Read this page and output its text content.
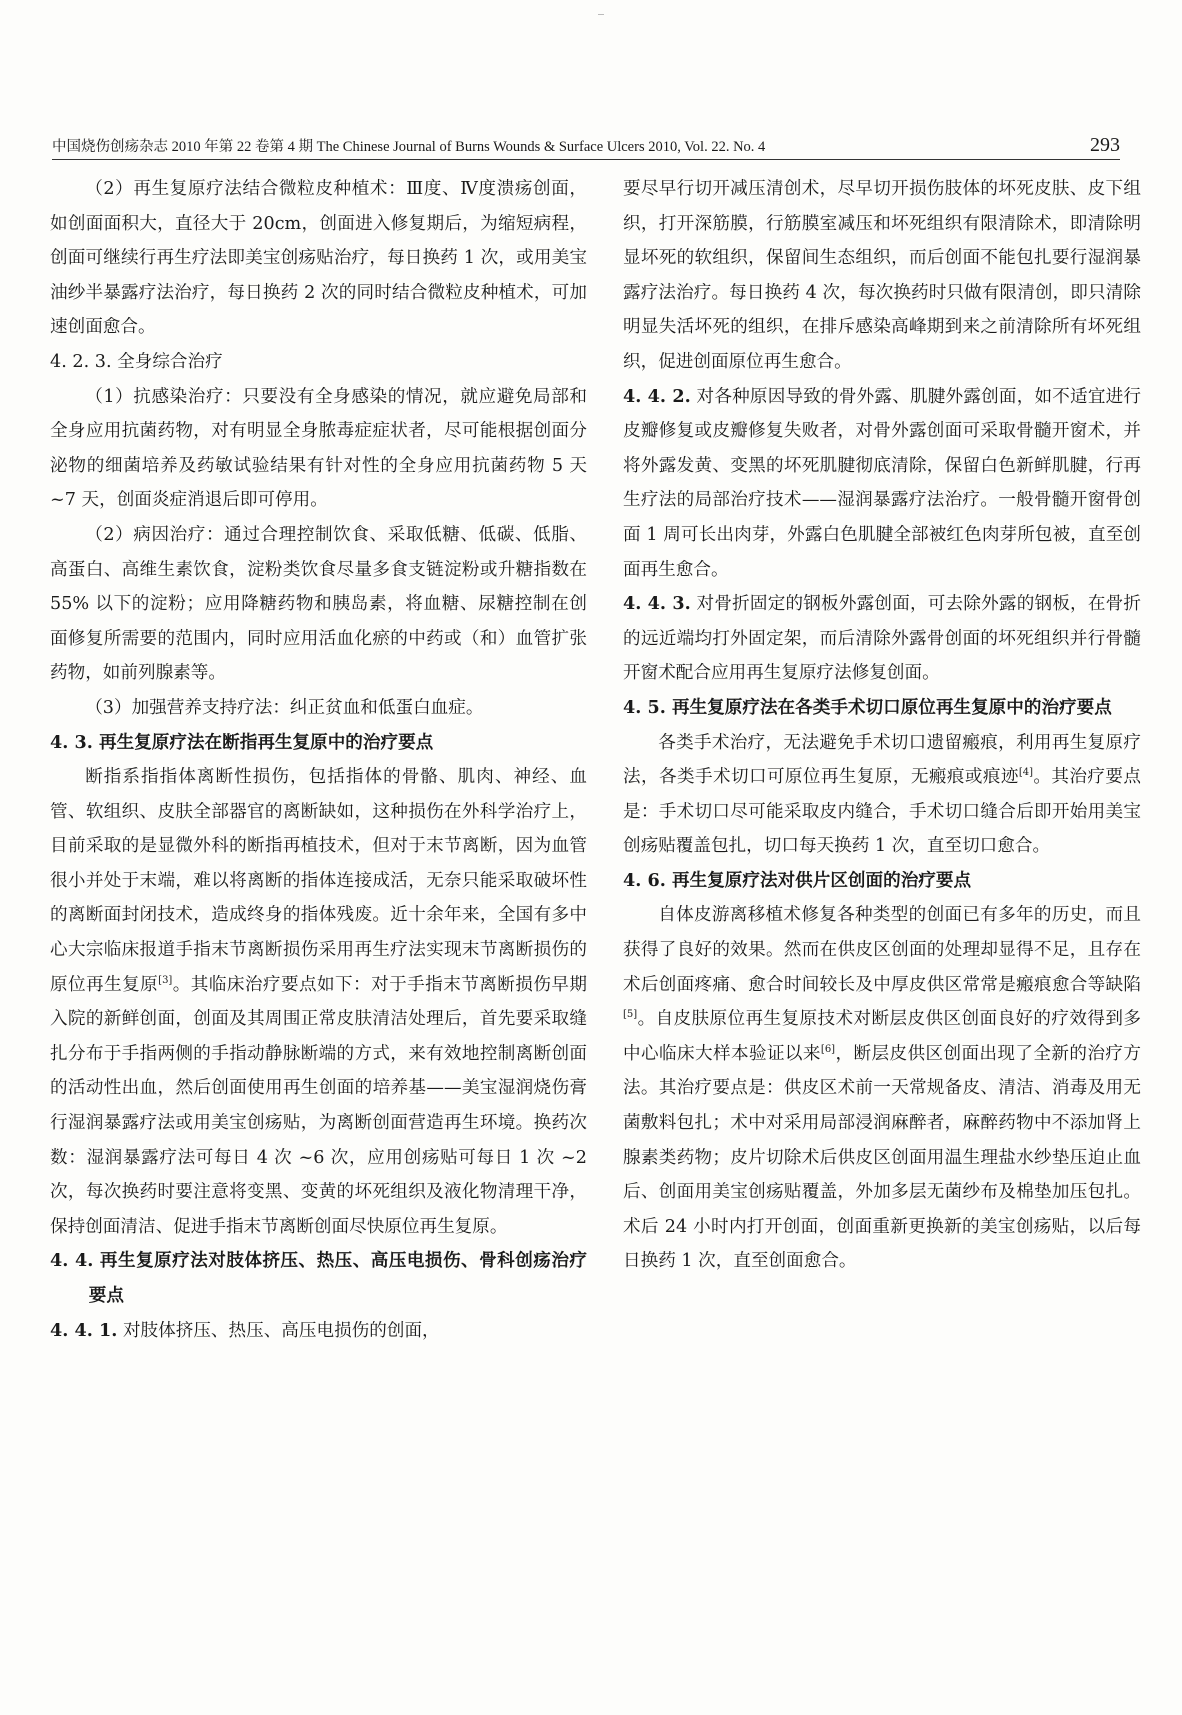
中国烧伤创疡杂志 2010 年第 22 卷第 4 期 The Chinese Journal of Burns Wounds & Surface Ulcers 2010, Vol. 22. No. 4	293

（2）再生复原疗法结合微粒皮种植术：Ⅲ度、Ⅳ度溃疡创面，如创面面积大，直径大于 20cm，创面进入修复期后，为缩短病程，创面可继续行再生疗法即美宝创疡贴治疗，每日换药 1 次，或用美宝油纱半暴露疗法治疗，每日换药 2 次的同时结合微粒皮种植术，可加速创面愈合。

4. 2. 3. 全身综合治疗

（1）抗感染治疗：只要没有全身感染的情况，就应避免局部和全身应用抗菌药物，对有明显全身脓毒症症状者，尽可能根据创面分泌物的细菌培养及药敏试验结果有针对性的全身应用抗菌药物 5 天 ~7 天，创面炎症消退后即可停用。

（2）病因治疗：通过合理控制饮食、采取低糖、低碳、低脂、高蛋白、高维生素饮食，淀粉类饮食尽量多食支链淀粉或升糖指数在 55% 以下的淀粉；应用降糖药物和胰岛素，将血糖、尿糖控制在创面修复所需要的范围内，同时应用活血化瘀的中药或（和）血管扩张药物，如前列腺素等。

（3）加强营养支持疗法：纠正贫血和低蛋白血症。

4. 3. 再生复原疗法在断指再生复原中的治疗要点

断指系指指体离断性损伤，包括指体的骨骼、肌肉、神经、血管、软组织、皮肤全部器官的离断缺如，这种损伤在外科学治疗上，目前采取的是显微外科的断指再植技术，但对于末节离断，因为血管很小并处于末端，难以将离断的指体连接成活，无奈只能采取破坏性的离断面封闭技术，造成终身的指体残废。近十余年来，全国有多中心大宗临床报道手指末节离断损伤采用再生疗法实现末节离断损伤的原位再生复原[3]。其临床治疗要点如下：对于手指末节离断损伤早期入院的新鲜创面，创面及其周围正常皮肤清洁处理后，首先要采取缝扎分布于手指两侧的手指动静脉断端的方式，来有效地控制离断创面的活动性出血，然后创面使用再生创面的培养基——美宝湿润烧伤膏行湿润暴露疗法或用美宝创疡贴，为离断创面营造再生环境。换药次数：湿润暴露疗法可每日 4 次 ~6 次，应用创疡贴可每日 1 次 ~2 次，每次换药时要注意将变黑、变黄的坏死组织及液化物清理干净，保持创面清洁、促进手指末节离断创面尽快原位再生复原。

4. 4. 再生复原疗法对肢体挤压、热压、高压电损伤、骨科创疡治疗要点

4. 4. 1. 对肢体挤压、热压、高压电损伤的创面，

要尽早行切开减压清创术，尽早切开损伤肢体的坏死皮肤、皮下组织，打开深筋膜，行筋膜室减压和坏死组织有限清除术，即清除明显坏死的软组织，保留间生态组织，而后创面不能包扎要行湿润暴露疗法治疗。每日换药 4 次，每次换药时只做有限清创，即只清除明显失活坏死的组织，在排斥感染高峰期到来之前清除所有坏死组织，促进创面原位再生愈合。

4. 4. 2. 对各种原因导致的骨外露、肌腱外露创面，如不适宜进行皮瓣修复或皮瓣修复失败者，对骨外露创面可采取骨髓开窗术，并将外露发黄、变黑的坏死肌腱彻底清除，保留白色新鲜肌腱，行再生疗法的局部治疗技术——湿润暴露疗法治疗。一般骨髓开窗骨创面 1 周可长出肉芽，外露白色肌腱全部被红色肉芽所包被，直至创面再生愈合。

4. 4. 3. 对骨折固定的钢板外露创面，可去除外露的钢板，在骨折的远近端均打外固定架，而后清除外露骨创面的坏死组织并行骨髓开窗术配合应用再生复原疗法修复创面。

4. 5. 再生复原疗法在各类手术切口原位再生复原中的治疗要点

各类手术治疗，无法避免手术切口遗留瘢痕，利用再生复原疗法，各类手术切口可原位再生复原，无瘢痕或痕迹[4]。其治疗要点是：手术切口尽可能采取皮内缝合，手术切口缝合后即开始用美宝创疡贴覆盖包扎，切口每天换药 1 次，直至切口愈合。

4. 6. 再生复原疗法对供片区创面的治疗要点

自体皮游离移植术修复各种类型的创面已有多年的历史，而且获得了良好的效果。然而在供皮区创面的处理却显得不足，且存在术后创面疼痛、愈合时间较长及中厚皮供区常常是瘢痕愈合等缺陷[5]。自皮肤原位再生复原技术对断层皮供区创面良好的疗效得到多中心临床大样本验证以来[6]，断层皮供区创面出现了全新的治疗方法。其治疗要点是：供皮区术前一天常规备皮、清洁、消毒及用无菌敷料包扎；术中对采用局部浸润麻醉者，麻醉药物中不添加肾上腺素类药物；皮片切除术后供皮区创面用温生理盐水纱垫压迫止血后、创面用美宝创疡贴覆盖，外加多层无菌纱布及棉垫加压包扎。术后 24 小时内打开创面，创面重新更换新的美宝创疡贴，以后每日换药 1 次，直至创面愈合。
